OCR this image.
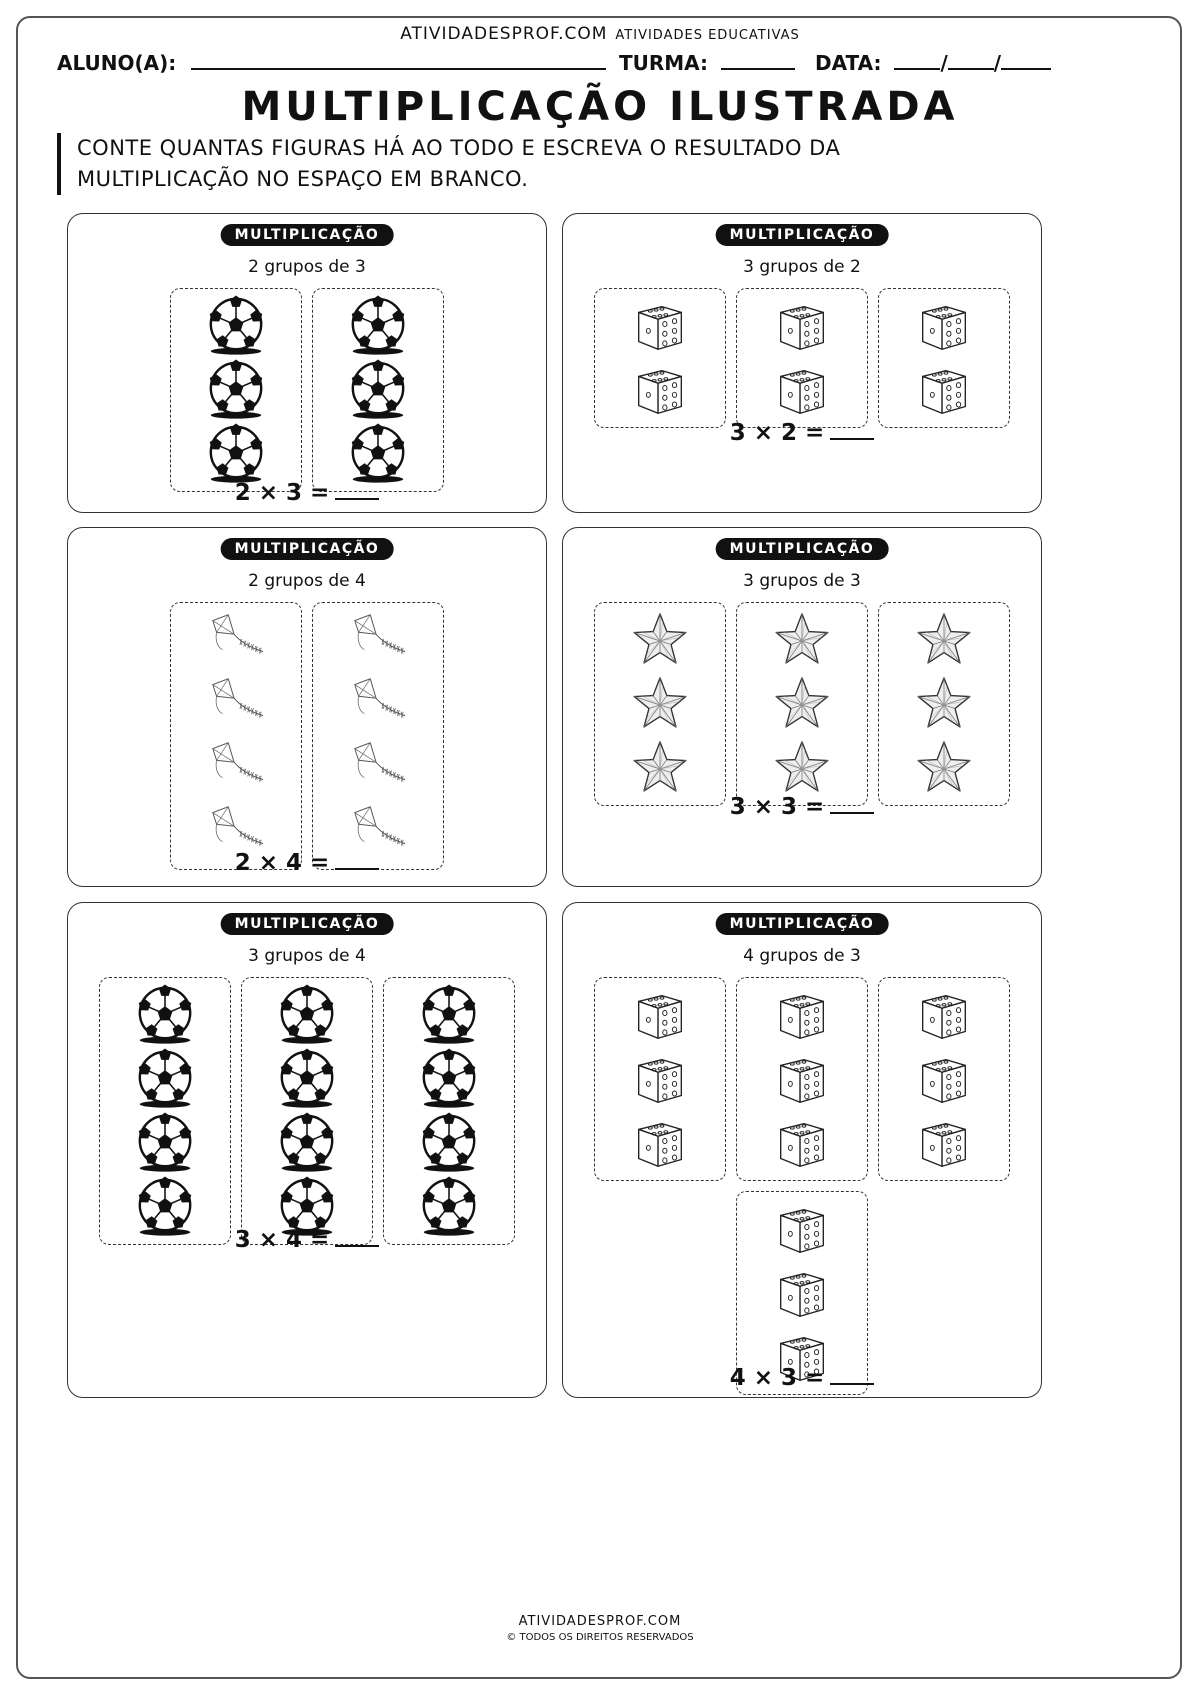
ATIVIDADESPROF.COM ATIVIDADES EDUCATIVAS
ALUNO(A):	TURMA:	DATA:	/ /
MULTIPLICAÇÃO ILUSTRADA
CONTE QUANTAS FIGURAS HÁ AO TODO E ESCREVA O RESULTADO DA MULTIPLICAÇÃO NO ESPAÇO EM BRANCO.
MULTIPLICAÇÃO
2 grupos de 3
2 × 3 =
MULTIPLICAÇÃO
3 grupos de 2
3 × 2 =
MULTIPLICAÇÃO
2 grupos de 4
2 × 4 =
MULTIPLICAÇÃO
3 grupos de 3
3 × 3 =
MULTIPLICAÇÃO
3 grupos de 4
3 × 4 =
MULTIPLICAÇÃO
4 grupos de 3

4 × 3 =
ATIVIDADESPROF.COM
© TODOS OS DIREITOS RESERVADOS
